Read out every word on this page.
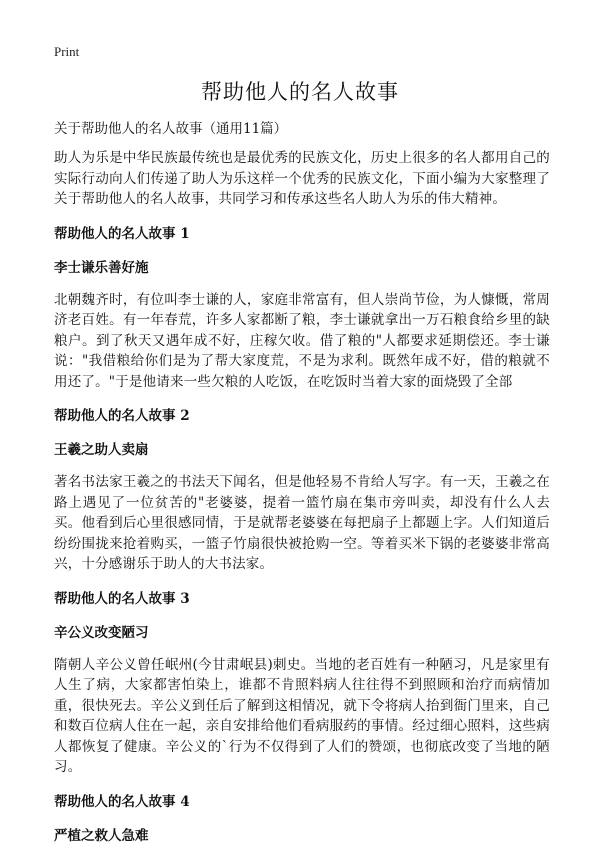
Print
帮助他人的名人故事
关于帮助他人的名人故事（通用11篇）

助人为乐是中华民族最传统也是最优秀的民族文化，历史上很多的名人都用自己的实际行动向人们传递了助人为乐这样一个优秀的民族文化，下面小编为大家整理了关于帮助他人的名人故事，共同学习和传承这些名人助人为乐的伟大精神。

帮助他人的名人故事 1
李士谦乐善好施

北朝魏齐时，有位叫李士谦的人，家庭非常富有，但人崇尚节俭，为人慷慨，常周济老百姓。有一年春荒，许多人家都断了粮，李士谦就拿出一万石粮食给乡里的缺粮户。到了秋天又遇年成不好，庄稼欠收。借了粮的"人都要求延期偿还。李士谦说："我借粮给你们是为了帮大家度荒，不是为求利。既然年成不好，借的粮就不用还了。"于是他请来一些欠粮的人吃饭，在吃饭时当着大家的面烧毁了全部

帮助他人的名人故事 2
王羲之助人卖扇

著名书法家王羲之的书法天下闻名，但是他轻易不肯给人写字。有一天，王羲之在路上遇见了一位贫苦的"老婆婆，提着一篮竹扇在集市旁叫卖，却没有什么人去买。他看到后心里很感同情，于是就帮老婆婆在每把扇子上都题上字。人们知道后纷纷围拢来抢着购买，一篮子竹扇很快被抢购一空。等着买米下锅的老婆婆非常高兴，十分感谢乐于助人的大书法家。

帮助他人的名人故事 3
辛公义改变陋习

隋朝人辛公义曾任岷州(今甘肃岷县)刺史。当地的老百姓有一种陋习，凡是家里有人生了病，大家都害怕染上，谁都不肯照料病人往往得不到照顾和治疗而病情加重，很快死去。辛公义到任后了解到这相情况，就下令将病人抬到衙门里来，自己和数百位病人住在一起，亲自安排给他们看病服药的事情。经过细心照料，这些病人都恢复了健康。辛公义的`行为不仅得到了人们的赞颂，也彻底改变了当地的陋习。

帮助他人的名人故事 4
严植之救人急难
